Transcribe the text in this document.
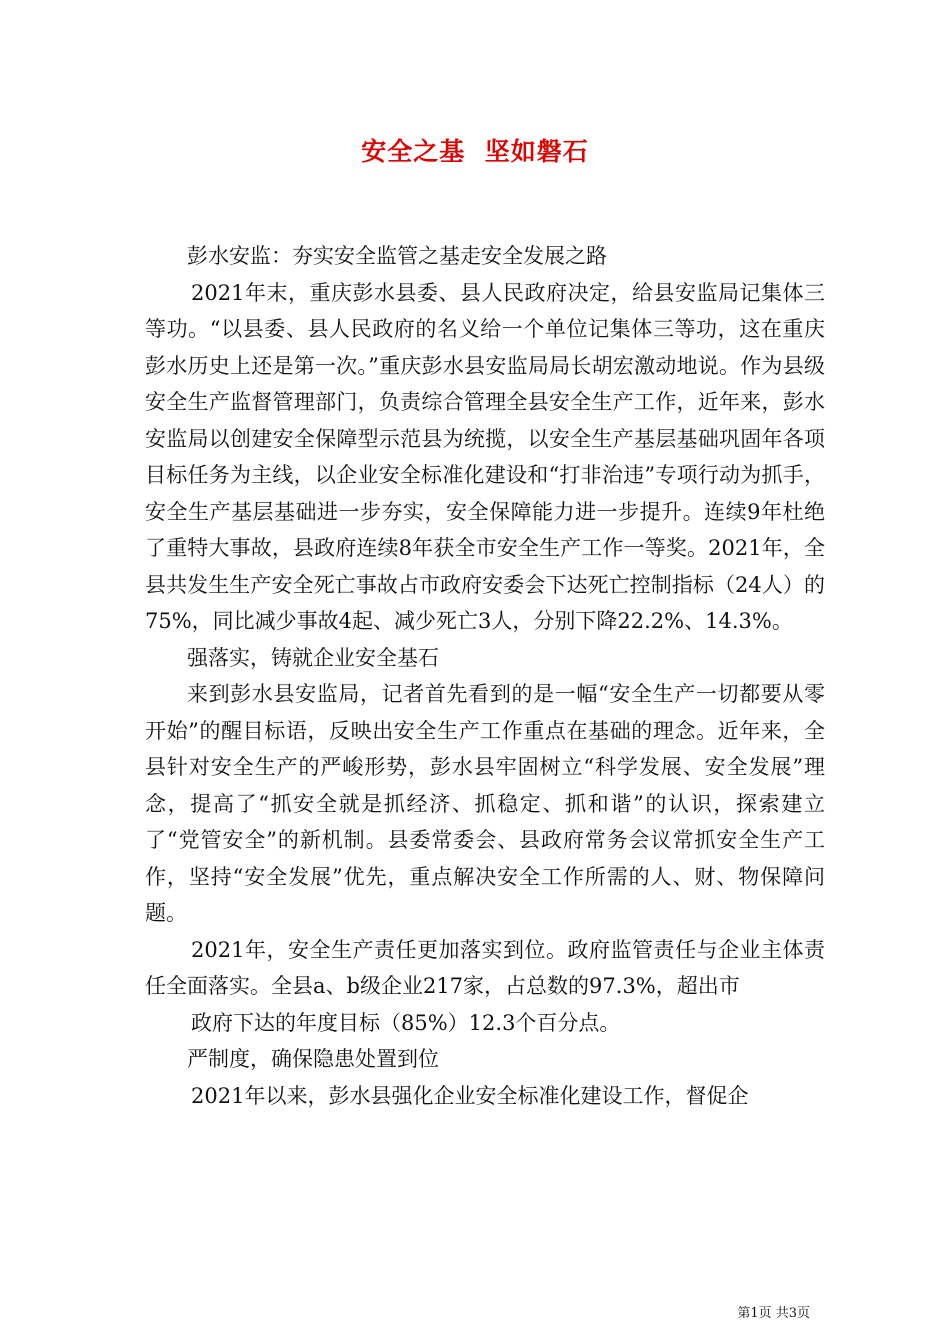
安全之基  坚如磐石

彭水安监：夯实安全监管之基走安全发展之路

2021年末，重庆彭水县委、县人民政府决定，给县安监局记集体三等功。“以县委、县人民政府的名义给一个单位记集体三等功，这在重庆彭水历史上还是第一次。”重庆彭水县安监局局长胡宏激动地说。作为县级安全生产监督管理部门，负责综合管理全县安全生产工作，近年来，彭水安监局以创建安全保障型示范县为统揽，以安全生产基层基础巩固年各项目标任务为主线，以企业安全标准化建设和“打非治违”专项行动为抓手，安全生产基层基础进一步夯实，安全保障能力进一步提升。连续9年杜绝了重特大事故，县政府连续8年获全市安全生产工作一等奖。2021年，全县共发生生产安全死亡事故占市政府安委会下达死亡控制指标（24人）的75%，同比减少事故4起、减少死亡3人，分别下降22.2%、14.3%。

强落实，铸就企业安全基石

来到彭水县安监局，记者首先看到的是一幅“安全生产一切都要从零开始”的醒目标语，反映出安全生产工作重点在基础的理念。近年来，全县针对安全生产的严峻形势，彭水县牢固树立“科学发展、安全发展”理念，提高了“抓安全就是抓经济、抓稳定、抓和谐”的认识，探索建立了“党管安全”的新机制。县委常委会、县政府常务会议常抓安全生产工作，坚持“安全发展”优先，重点解决安全工作所需的人、财、物保障问题。

2021年，安全生产责任更加落实到位。政府监管责任与企业主体责任全面落实。全县a、b级企业217家，占总数的97.3%，超出市

政府下达的年度目标（85%）12.3个百分点。

严制度，确保隐患处置到位

2021年以来，彭水县强化企业安全标准化建设工作，督促企

第1页 共3页
